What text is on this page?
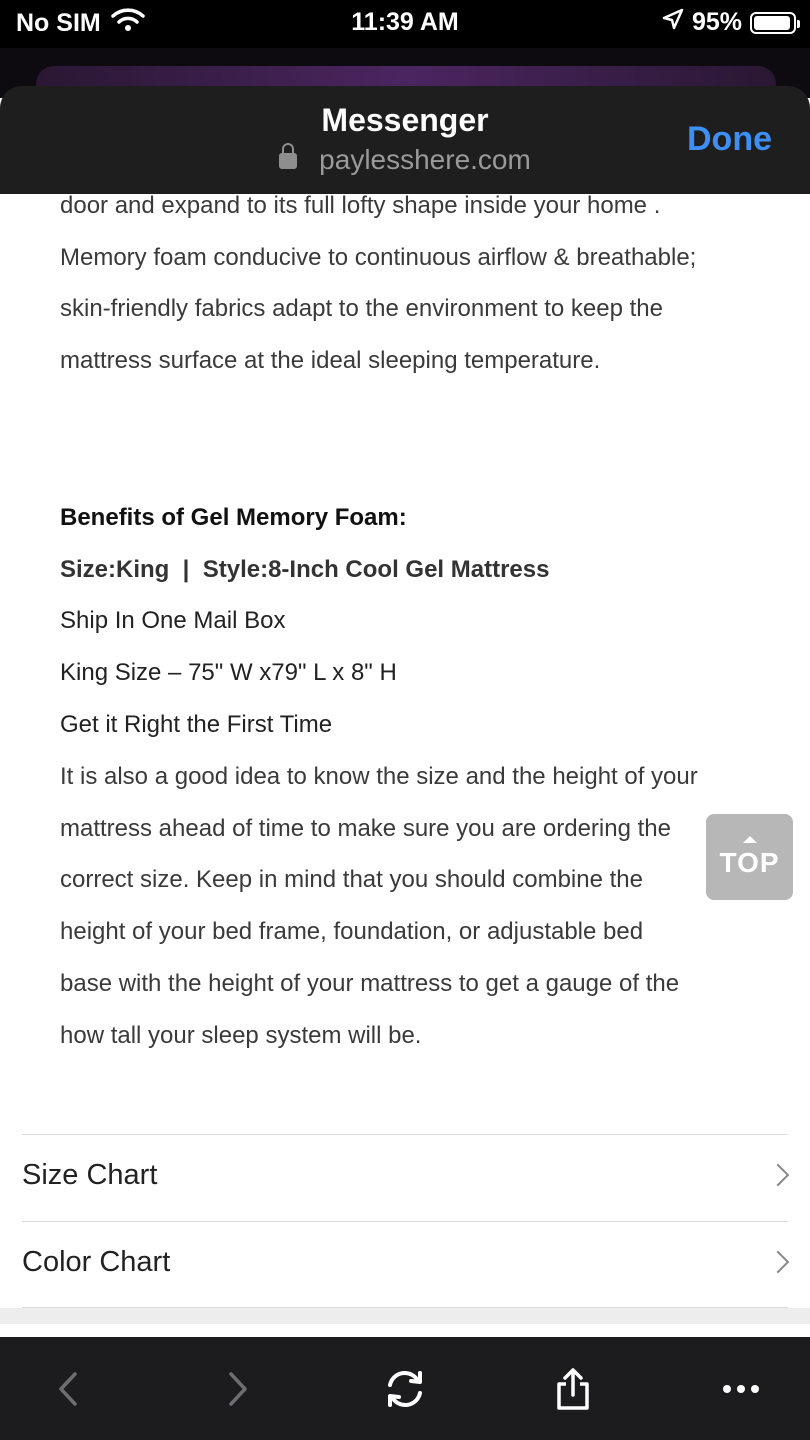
No SIM	11:39 AM	95%
Messenger
paylesshere.com
Done
door and expand to its full lofty shape inside your home .
Memory foam conducive to continuous airflow & breathable;
skin-friendly fabrics adapt to the environment to keep the
mattress surface at the ideal sleeping temperature.
Benefits of Gel Memory Foam:
Size:King  |  Style:8-Inch Cool Gel Mattress
Ship In One Mail Box
King Size – 75" W x79" L x 8" H
Get it Right the First Time
It is also a good idea to know the size and the height of your
mattress ahead of time to make sure you are ordering the
correct size. Keep in mind that you should combine the
height of your bed frame, foundation, or adjustable bed
base with the height of your mattress to get a gauge of the
how tall your sleep system will be.
TOP
Size Chart
Color Chart
